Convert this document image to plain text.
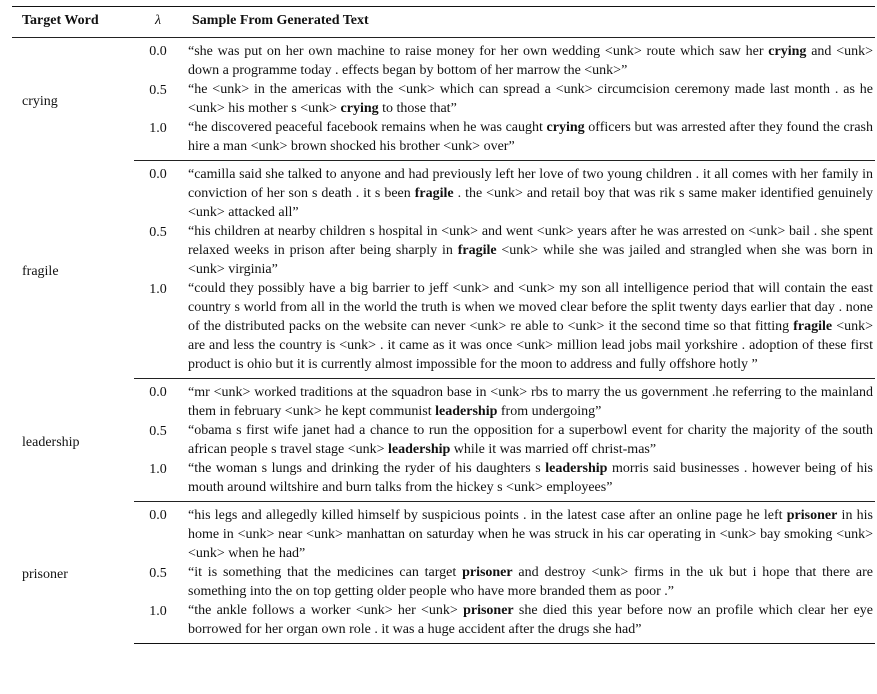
Target Word	λ	Sample From Generated Text
crying	0.0	“she was put on her own machine to raise money for her own wedding <unk> route which saw her crying and <unk> down a programme today . effects began by bottom of her marrow the <unk>”
	0.5	“he <unk> in the americas with the <unk> which can spread a <unk> circumcision ceremony made last month . as he <unk> his mother s <unk> crying to those that”
	1.0	“he discovered peaceful facebook remains when he was caught crying officers but was arrested after they found the crash hire a man <unk> brown shocked his brother <unk> over”
fragile	0.0	“camilla said she talked to anyone and had previously left her love of two young children . it all comes with her family in conviction of her son s death . it s been fragile . the <unk> and retail boy that was rik s same maker identified genuinely <unk> attacked all”
	0.5	“his children at nearby children s hospital in <unk> and went <unk> years after he was arrested on <unk> bail . she spent relaxed weeks in prison after being sharply in fragile <unk> while she was jailed and strangled when she was born in <unk> virginia”
	1.0	“could they possibly have a big barrier to jeff <unk> and <unk> my son all intelligence period that will contain the east country s world from all in the world the truth is when we moved clear before the split twenty days earlier that day . none of the distributed packs on the website can never <unk> re able to <unk> it the second time so that fitting fragile <unk> are and less the country is <unk> . it came as it was once <unk> million lead jobs mail yorkshire . adoption of these first product is ohio but it is currently almost impossible for the moon to address and fully offshore hotly ”
leadership	0.0	“mr <unk> worked traditions at the squadron base in <unk> rbs to marry the us government .he referring to the mainland them in february <unk> he kept communist leadership from undergoing”
	0.5	“obama s first wife janet had a chance to run the opposition for a superbowl event for charity the majority of the south african people s travel stage <unk> leadership while it was married off christ-mas”
	1.0	“the woman s lungs and drinking the ryder of his daughters s leadership morris said businesses . however being of his mouth around wiltshire and burn talks from the hickey s <unk> employees”
prisoner	0.0	“his legs and allegedly killed himself by suspicious points . in the latest case after an online page he left prisoner in his home in <unk> near <unk> manhattan on saturday when he was struck in his car operating in <unk> bay smoking <unk> <unk> when he had”
	0.5	“it is something that the medicines can target prisoner and destroy <unk> firms in the uk but i hope that there are something into the on top getting older people who have more branded them as poor .”
	1.0	“the ankle follows a worker <unk> her <unk> prisoner she died this year before now an profile which clear her eye borrowed for her organ own role . it was a huge accident after the drugs she had”
